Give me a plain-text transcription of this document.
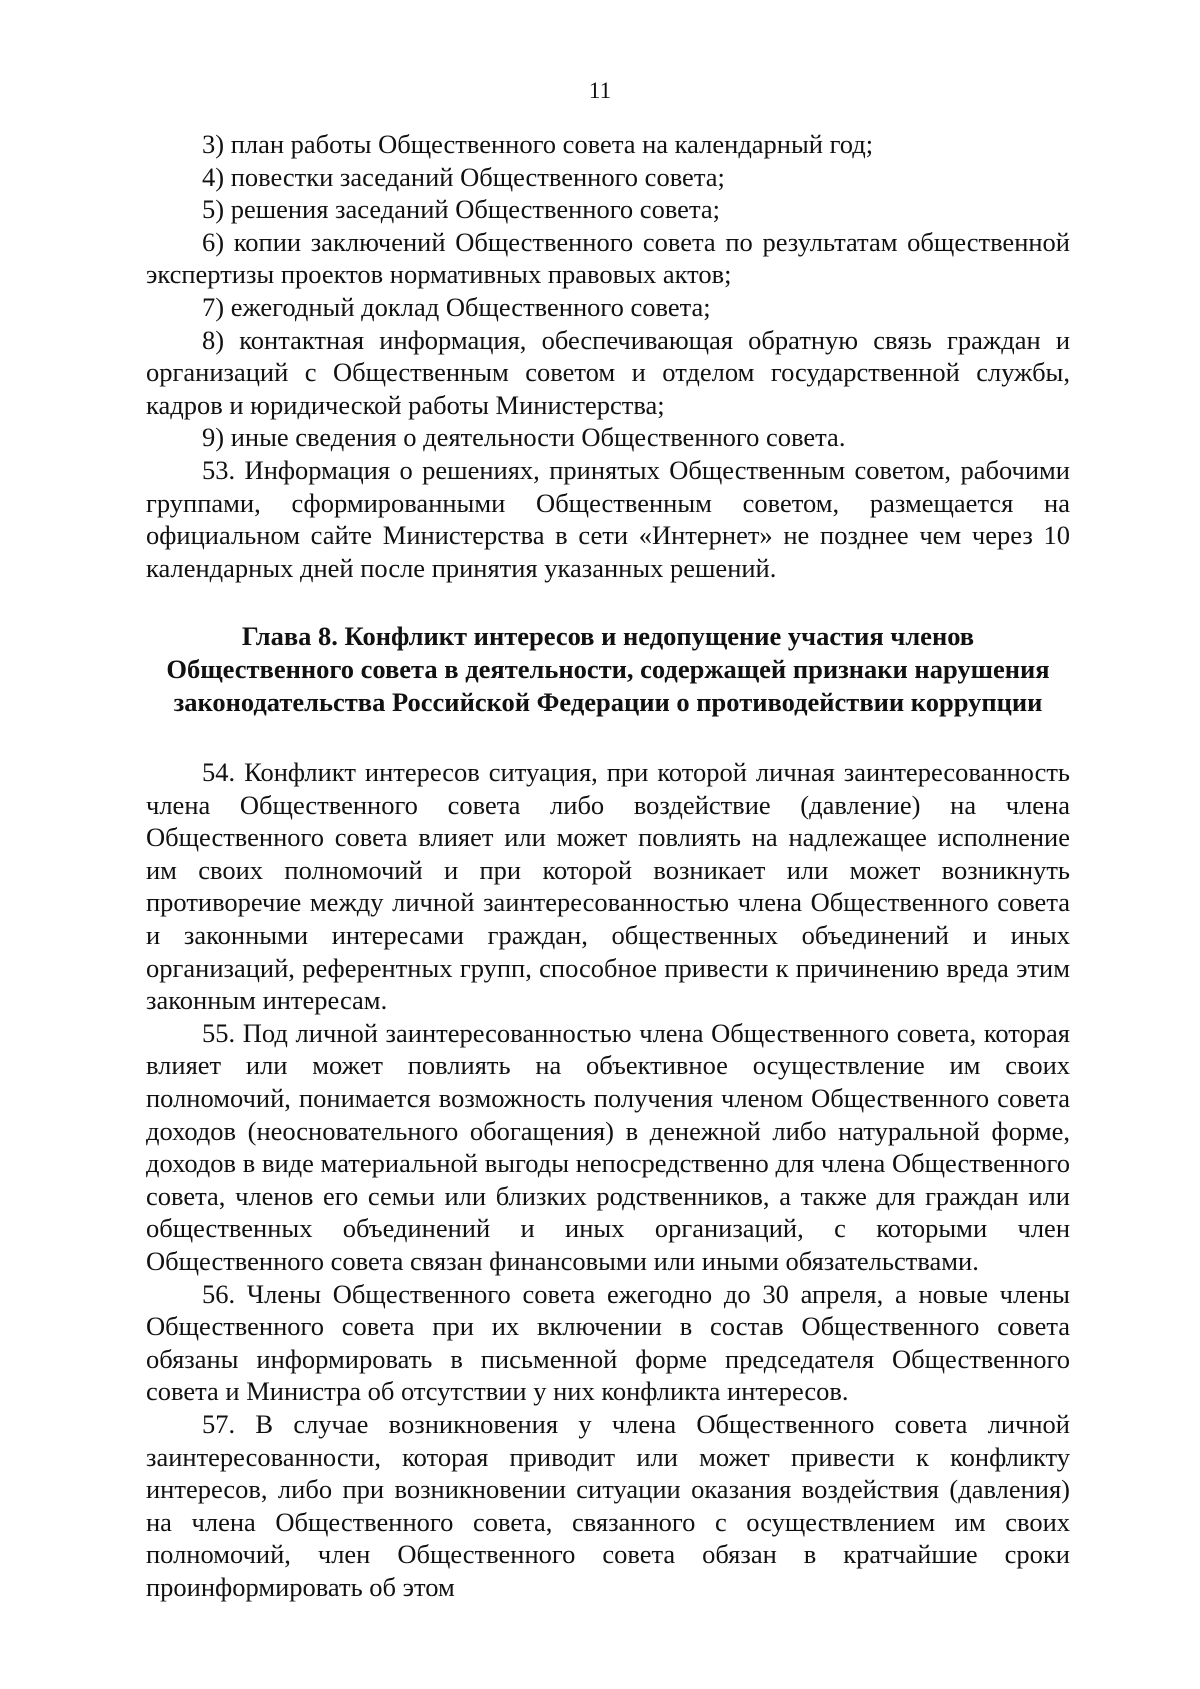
11

3) план работы Общественного совета на календарный год;

4) повестки заседаний Общественного совета;

5) решения заседаний Общественного совета;

6) копии заключений Общественного совета по результатам общественной экспертизы проектов нормативных правовых актов;

7) ежегодный доклад Общественного совета;

8) контактная информация, обеспечивающая обратную связь граждан и организаций с Общественным советом и отделом государственной службы, кадров и юридической работы Министерства;

9) иные сведения о деятельности Общественного совета.

53. Информация о решениях, принятых Общественным советом, рабочими группами, сформированными Общественным советом, размещается на официальном сайте Министерства в сети «Интернет» не позднее чем через 10 календарных дней после принятия указанных решений.

Глава 8. Конфликт интересов и недопущение участия членов Общественного совета в деятельности, содержащей признаки нарушения законодательства Российской Федерации о противодействии коррупции

54. Конфликт интересов ситуация, при которой личная заинтересованность члена Общественного совета либо воздействие (давление) на члена Общественного совета влияет или может повлиять на надлежащее исполнение им своих полномочий и при которой возникает или может возникнуть противоречие между личной заинтересованностью члена Общественного совета и законными интересами граждан, общественных объединений и иных организаций, референтных групп, способное привести к причинению вреда этим законным интересам.

55. Под личной заинтересованностью члена Общественного совета, которая влияет или может повлиять на объективное осуществление им своих полномочий, понимается возможность получения членом Общественного совета доходов (неосновательного обогащения) в денежной либо натуральной форме, доходов в виде материальной выгоды непосредственно для члена Общественного совета, членов его семьи или близких родственников, а также для граждан или общественных объединений и иных организаций, с которыми член Общественного совета связан финансовыми или иными обязательствами.

56. Члены Общественного совета ежегодно до 30 апреля, а новые члены Общественного совета при их включении в состав Общественного совета обязаны информировать в письменной форме председателя Общественного совета и Министра об отсутствии у них конфликта интересов.

57. В случае возникновения у члена Общественного совета личной заинтересованности, которая приводит или может привести к конфликту интересов, либо при возникновении ситуации оказания воздействия (давления) на члена Общественного совета, связанного с осуществлением им своих полномочий, член Общественного совета обязан в кратчайшие сроки проинформировать об этом
